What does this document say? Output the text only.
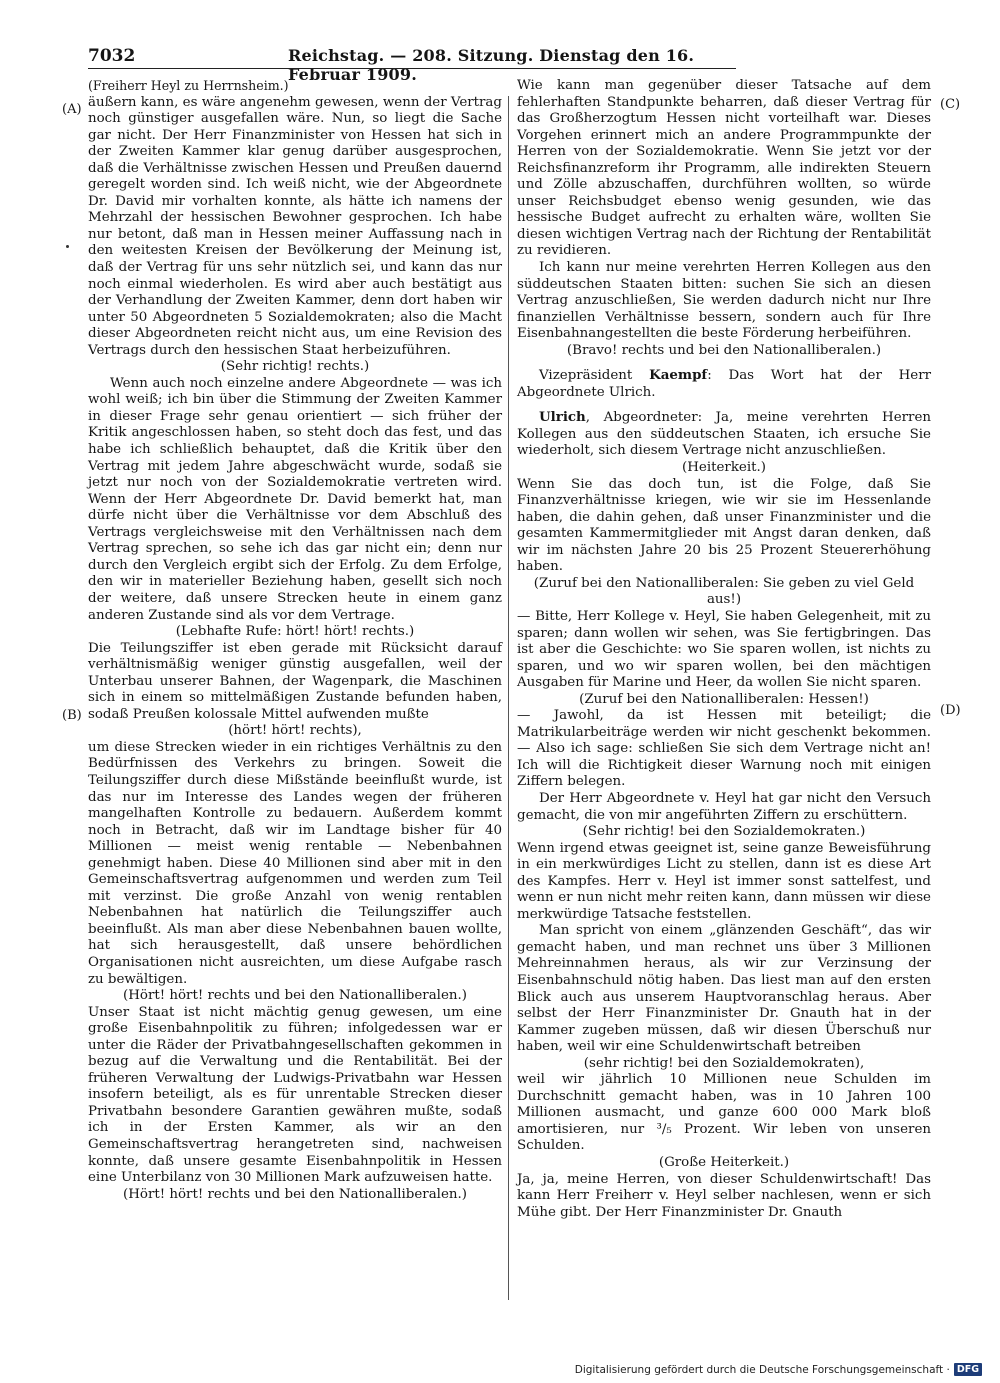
7032	Reichstag. — 208. Sitzung. Dienstag den 16. Februar 1909.
(A)
(B)
(C)
(D)

(Freiherr Heyl zu Herrnsheim.)

äußern kann, es wäre angenehm gewesen, wenn der Vertrag noch günstiger ausgefallen wäre. Nun, so liegt die Sache gar nicht. Der Herr Finanzminister von Hessen hat sich in der Zweiten Kammer klar genug darüber ausgesprochen, daß die Verhältnisse zwischen Hessen und Preußen dauernd geregelt worden sind. Ich weiß nicht, wie der Abgeordnete Dr. David mir vorhalten konnte, als hätte ich namens der Mehrzahl der hessischen Bewohner gesprochen. Ich habe nur betont, daß man in Hessen meiner Auffassung nach in den weitesten Kreisen der Bevölkerung der Meinung ist, daß der Vertrag für uns sehr nützlich sei, und kann das nur noch einmal wiederholen. Es wird aber auch bestätigt aus der Verhandlung der Zweiten Kammer, denn dort haben wir unter 50 Abgeordneten 5 Sozialdemokraten; also die Macht dieser Abgeordneten reicht nicht aus, um eine Revision des Vertrags durch den hessischen Staat herbeizuführen.

(Sehr richtig! rechts.)

Wenn auch noch einzelne andere Abgeordnete — was ich wohl weiß; ich bin über die Stimmung der Zweiten Kammer in dieser Frage sehr genau orientiert — sich früher der Kritik angeschlossen haben, so steht doch das fest, und das habe ich schließlich behauptet, daß die Kritik über den Vertrag mit jedem Jahre abgeschwächt wurde, sodaß sie jetzt nur noch von der Sozialdemokratie vertreten wird. Wenn der Herr Abgeordnete Dr. David bemerkt hat, man dürfe nicht über die Verhältnisse vor dem Abschluß des Vertrags vergleichsweise mit den Verhältnissen nach dem Vertrag sprechen, so sehe ich das gar nicht ein; denn nur durch den Vergleich ergibt sich der Erfolg. Zu dem Erfolge, den wir in materieller Beziehung haben, gesellt sich noch der weitere, daß unsere Strecken heute in einem ganz anderen Zustande sind als vor dem Vertrage.

(Lebhafte Rufe: hört! hört! rechts.)

Die Teilungsziffer ist eben gerade mit Rücksicht darauf verhältnismäßig weniger günstig ausgefallen, weil der Unterbau unserer Bahnen, der Wagenpark, die Maschinen sich in einem so mittelmäßigen Zustande befunden haben, sodaß Preußen kolossale Mittel aufwenden mußte

(hört! hört! rechts),

um diese Strecken wieder in ein richtiges Verhältnis zu den Bedürfnissen des Verkehrs zu bringen. Soweit die Teilungsziffer durch diese Mißstände beeinflußt wurde, ist das nur im Interesse des Landes wegen der früheren mangelhaften Kontrolle zu bedauern. Außerdem kommt noch in Betracht, daß wir im Landtage bisher für 40 Millionen — meist wenig rentable — Nebenbahnen genehmigt haben. Diese 40 Millionen sind aber mit in den Gemeinschaftsvertrag aufgenommen und werden zum Teil mit verzinst. Die große Anzahl von wenig rentablen Nebenbahnen hat natürlich die Teilungsziffer auch beeinflußt. Als man aber diese Nebenbahnen bauen wollte, hat sich herausgestellt, daß unsere behördlichen Organisationen nicht ausreichten, um diese Aufgabe rasch zu bewältigen.

(Hört! hört! rechts und bei den Nationalliberalen.)

Unser Staat ist nicht mächtig genug gewesen, um eine große Eisenbahnpolitik zu führen; infolgedessen war er unter die Räder der Privatbahngesellschaften gekommen in bezug auf die Verwaltung und die Rentabilität. Bei der früheren Verwaltung der Ludwigs-Privatbahn war Hessen insofern beteiligt, als es für unrentable Strecken dieser Privatbahn besondere Garantien gewähren mußte, sodaß ich in der Ersten Kammer, als wir an den Gemeinschaftsvertrag herangetreten sind, nachweisen konnte, daß unsere gesamte Eisenbahnpolitik in Hessen eine Unterbilanz von 30 Millionen Mark aufzuweisen hatte.

(Hört! hört! rechts und bei den Nationalliberalen.)

Wie kann man gegenüber dieser Tatsache auf dem fehlerhaften Standpunkte beharren, daß dieser Vertrag für das Großherzogtum Hessen nicht vorteilhaft war. Dieses Vorgehen erinnert mich an andere Programmpunkte der Herren von der Sozialdemokratie. Wenn Sie jetzt vor der Reichsfinanzreform ihr Programm, alle indirekten Steuern und Zölle abzuschaffen, durchführen wollten, so würde unser Reichsbudget ebenso wenig gesunden, wie das hessische Budget aufrecht zu erhalten wäre, wollten Sie diesen wichtigen Vertrag nach der Richtung der Rentabilität zu revidieren.

Ich kann nur meine verehrten Herren Kollegen aus den süddeutschen Staaten bitten: suchen Sie sich an diesen Vertrag anzuschließen, Sie werden dadurch nicht nur Ihre finanziellen Verhältnisse bessern, sondern auch für Ihre Eisenbahnangestellten die beste Förderung herbeiführen.

(Bravo! rechts und bei den Nationalliberalen.)

Vizepräsident Kaempf: Das Wort hat der Herr Abgeordnete Ulrich.

Ulrich, Abgeordneter: Ja, meine verehrten Herren Kollegen aus den süddeutschen Staaten, ich ersuche Sie wiederholt, sich diesem Vertrage nicht anzuschließen.

(Heiterkeit.)

Wenn Sie das doch tun, ist die Folge, daß Sie Finanzverhältnisse kriegen, wie wir sie im Hessenlande haben, die dahin gehen, daß unser Finanzminister und die gesamten Kammermitglieder mit Angst daran denken, daß wir im nächsten Jahre 20 bis 25 Prozent Steuererhöhung haben.

(Zuruf bei den Nationalliberalen: Sie geben zu viel Geld aus!)

— Bitte, Herr Kollege v. Heyl, Sie haben Gelegenheit, mit zu sparen; dann wollen wir sehen, was Sie fertigbringen. Das ist aber die Geschichte: wo Sie sparen wollen, ist nichts zu sparen, und wo wir sparen wollen, bei den mächtigen Ausgaben für Marine und Heer, da wollen Sie nicht sparen.

(Zuruf bei den Nationalliberalen: Hessen!)

— Jawohl, da ist Hessen mit beteiligt; die Matrikularbeiträge werden wir nicht geschenkt bekommen. — Also ich sage: schließen Sie sich dem Vertrage nicht an! Ich will die Richtigkeit dieser Warnung noch mit einigen Ziffern belegen.

Der Herr Abgeordnete v. Heyl hat gar nicht den Versuch gemacht, die von mir angeführten Ziffern zu erschüttern.

(Sehr richtig! bei den Sozialdemokraten.)

Wenn irgend etwas geeignet ist, seine ganze Beweisführung in ein merkwürdiges Licht zu stellen, dann ist es diese Art des Kampfes. Herr v. Heyl ist immer sonst sattelfest, und wenn er nun nicht mehr reiten kann, dann müssen wir diese merkwürdige Tatsache feststellen.

Man spricht von einem „glänzenden Geschäft“, das wir gemacht haben, und man rechnet uns über 3 Millionen Mehreinnahmen heraus, als wir zur Verzinsung der Eisenbahnschuld nötig haben. Das liest man auf den ersten Blick auch aus unserem Hauptvoranschlag heraus. Aber selbst der Herr Finanzminister Dr. Gnauth hat in der Kammer zugeben müssen, daß wir diesen Überschuß nur haben, weil wir eine Schuldenwirtschaft betreiben

(sehr richtig! bei den Sozialdemokraten),

weil wir jährlich 10 Millionen neue Schulden im Durchschnitt gemacht haben, was in 10 Jahren 100 Millionen ausmacht, und ganze 600 000 Mark bloß amortisieren, nur ³/₅ Prozent. Wir leben von unseren Schulden.

(Große Heiterkeit.)

Ja, ja, meine Herren, von dieser Schuldenwirtschaft! Das kann Herr Freiherr v. Heyl selber nachlesen, wenn er sich Mühe gibt. Der Herr Finanzminister Dr. Gnauth

Digitalisierung gefördert durch die Deutsche Forschungsgemeinschaft · DFG
